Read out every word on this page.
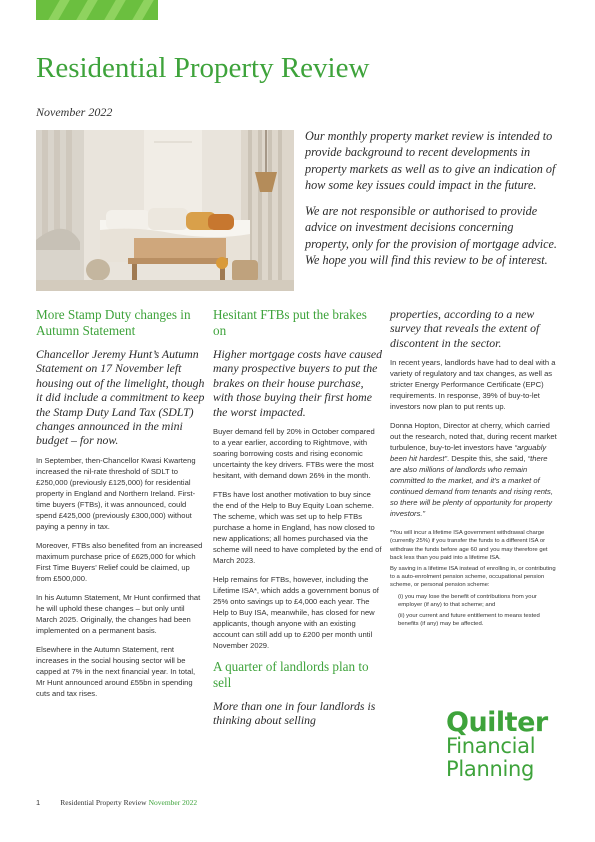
Residential Property Review
November 2022

Our monthly property market review is intended to provide background to recent developments in property markets as well as to give an indication of how some key issues could impact in the future.

We are not responsible or authorised to provide advice on investment decisions concerning property, only for the provision of mortgage advice. We hope you will find this review to be of interest.

More Stamp Duty changes in Autumn Statement

Chancellor Jeremy Hunt’s Autumn Statement on 17 November left housing out of the limelight, though it did include a commitment to keep the Stamp Duty Land Tax (SDLT) changes announced in the mini budget – for now.

In September, then-Chancellor Kwasi Kwarteng increased the nil-rate threshold of SDLT to £250,000 (previously £125,000) for residential property in England and Northern Ireland. First-time buyers (FTBs), it was announced, could spend £425,000 (previously £300,000) without paying a penny in tax.

Moreover, FTBs also benefited from an increased maximum purchase price of £625,000 for which First Time Buyers’ Relief could be claimed, up from £500,000.

In his Autumn Statement, Mr Hunt confirmed that he will uphold these changes – but only until March 2025. Originally, the changes had been implemented on a permanent basis.

Elsewhere in the Autumn Statement, rent increases in the social housing sector will be capped at 7% in the next financial year. In total, Mr Hunt announced around £55bn in spending cuts and tax rises.

Hesitant FTBs put the brakes on

Higher mortgage costs have caused many prospective buyers to put the brakes on their house purchase, with those buying their first home the worst impacted.

Buyer demand fell by 20% in October compared to a year earlier, according to Rightmove, with soaring borrowing costs and rising economic uncertainty the key drivers. FTBs were the most hesitant, with demand down 26% in the month.

FTBs have lost another motivation to buy since the end of the Help to Buy Equity Loan scheme. The scheme, which was set up to help FTBs purchase a home in England, has now closed to new applications; all homes purchased via the scheme will need to have completed by the end of March 2023.

Help remains for FTBs, however, including the Lifetime ISA*, which adds a government bonus of 25% onto savings up to £4,000 each year. The Help to Buy ISA, meanwhile, has closed for new applicants, though anyone with an existing account can still add up to £200 per month until November 2029.

A quarter of landlords plan to sell

More than one in four landlords is thinking about selling

properties, according to a new survey that reveals the extent of discontent in the sector.

In recent years, landlords have had to deal with a variety of regulatory and tax changes, as well as stricter Energy Performance Certificate (EPC) requirements. In response, 39% of buy-to-let investors now plan to put rents up.

Donna Hopton, Director at cherry, which carried out the research, noted that, during recent market turbulence, buy-to-let investors have “arguably been hit hardest”. Despite this, she said, “there are also millions of landlords who remain committed to the market, and it’s a market of continued demand from tenants and rising rents, so there will be plenty of opportunity for property investors.”

*You will incur a lifetime ISA government withdrawal charge (currently 25%) if you transfer the funds to a different ISA or withdraw the funds before age 60 and you may therefore get back less than you paid into a lifetime ISA.

By saving in a lifetime ISA instead of enrolling in, or contributing to a auto-enrolment pension scheme, occupational pension scheme, or personal pension scheme:

(i) you may lose the benefit of contributions from your employer (if any) to that scheme; and

(ii) your current and future entitlement to means tested benefits (if any) may be affected.

Quilter
Financial
Planning
1	Residential Property Review November 2022
